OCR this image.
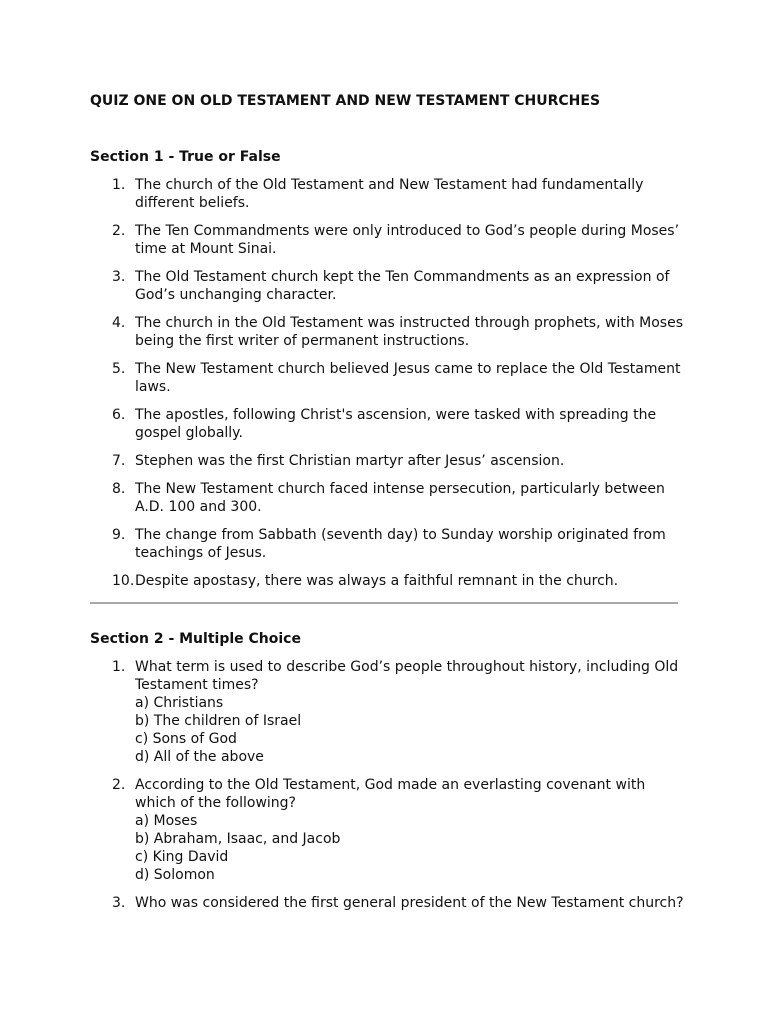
QUIZ ONE ON OLD TESTAMENT AND NEW TESTAMENT CHURCHES
Section 1 - True or False
1. The church of the Old Testament and New Testament had fundamentally different beliefs.
2. The Ten Commandments were only introduced to God’s people during Moses’ time at Mount Sinai.
3. The Old Testament church kept the Ten Commandments as an expression of God’s unchanging character.
4. The church in the Old Testament was instructed through prophets, with Moses being the first writer of permanent instructions.
5. The New Testament church believed Jesus came to replace the Old Testament laws.
6. The apostles, following Christ's ascension, were tasked with spreading the gospel globally.
7. Stephen was the first Christian martyr after Jesus’ ascension.
8. The New Testament church faced intense persecution, particularly between A.D. 100 and 300.
9. The change from Sabbath (seventh day) to Sunday worship originated from teachings of Jesus.
10. Despite apostasy, there was always a faithful remnant in the church.
Section 2 - Multiple Choice
1. What term is used to describe God’s people throughout history, including Old Testament times?
a) Christians
b) The children of Israel
c) Sons of God
d) All of the above
2. According to the Old Testament, God made an everlasting covenant with which of the following?
a) Moses
b) Abraham, Isaac, and Jacob
c) King David
d) Solomon
3. Who was considered the first general president of the New Testament church?
